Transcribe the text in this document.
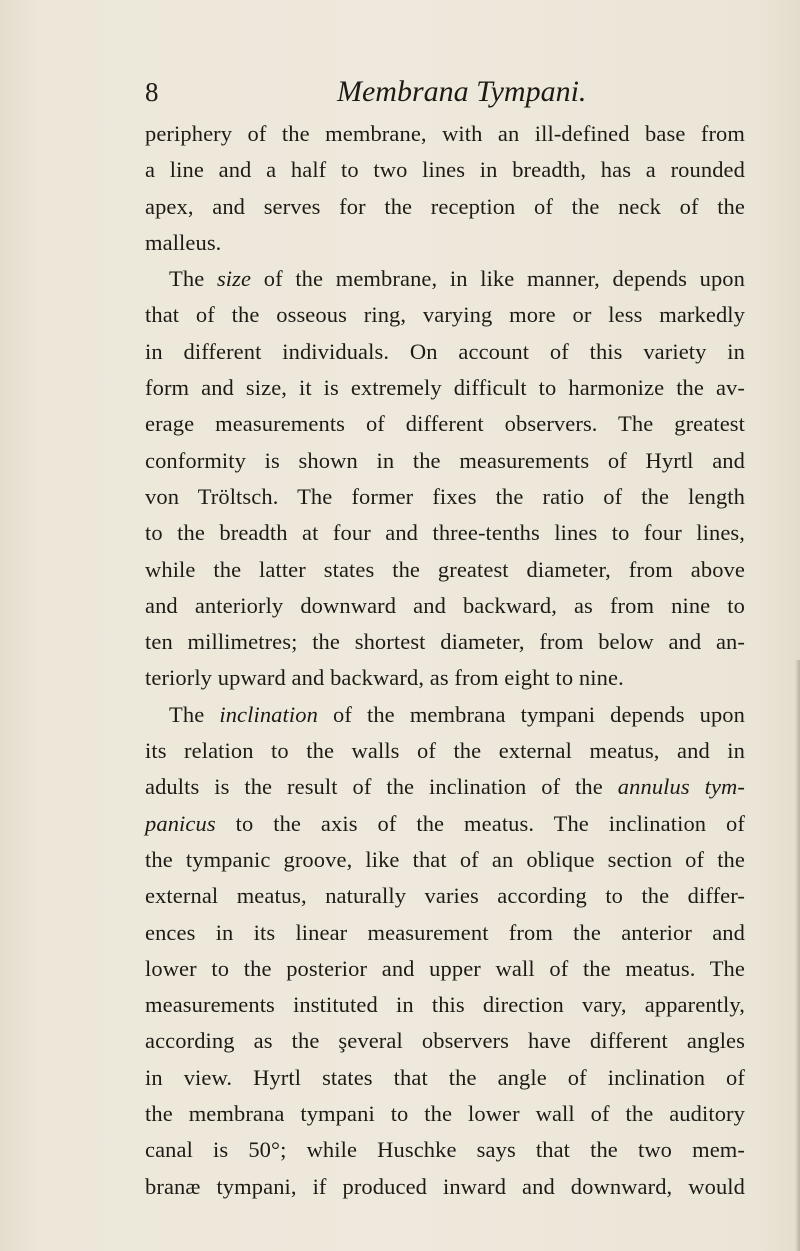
8	Membrana Tympani.
periphery of the membrane, with an ill-defined base from
a line and a half to two lines in breadth, has a rounded
apex, and serves for the reception of the neck of the
malleus.
The size of the membrane, in like manner, depends upon
that of the osseous ring, varying more or less markedly
in different individuals. On account of this variety in
form and size, it is extremely difficult to harmonize the av-
erage measurements of different observers. The greatest
conformity is shown in the measurements of Hyrtl and
von Tröltsch. The former fixes the ratio of the length
to the breadth at four and three-tenths lines to four lines,
while the latter states the greatest diameter, from above
and anteriorly downward and backward, as from nine to
ten millimetres; the shortest diameter, from below and an-
teriorly upward and backward, as from eight to nine.
The inclination of the membrana tympani depends upon
its relation to the walls of the external meatus, and in
adults is the result of the inclination of the annulus tym-
panicus to the axis of the meatus. The inclination of
the tympanic groove, like that of an oblique section of the
external meatus, naturally varies according to the differ-
ences in its linear measurement from the anterior and
lower to the posterior and upper wall of the meatus. The
measurements instituted in this direction vary, apparently,
according as the şeveral observers have different angles
in view. Hyrtl states that the angle of inclination of
the membrana tympani to the lower wall of the auditory
canal is 50°; while Huschke says that the two mem-
branæ tympani, if produced inward and downward, would
